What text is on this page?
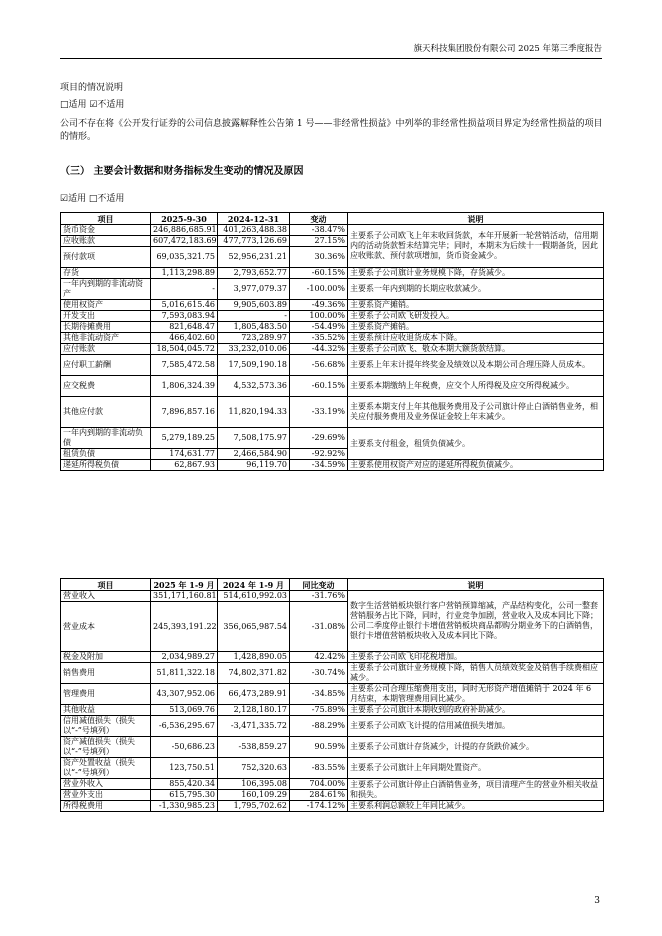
旗天科技集团股份有限公司 2025 年第三季度报告
项目的情况说明
□适用 ☑不适用
公司不存在将《公开发行证券的公司信息披露解释性公告第 1 号——非经常性损益》中列举的非经常性损益项目界定为经常性损益的项目的情形。
（三） 主要会计数据和财务指标发生变动的情况及原因
☑适用 □不适用
项目	2025-9-30	2024-12-31	变动	说明
货币资金	246,886,685.91	401,263,488.38	-38.47%	主要系子公司欧飞上年末收回货款，本年开展新一轮营销活动，信用期内的活动货款暂未结算完毕；同时，本期末为后续十一假期备货，因此应收账款、预付款项增加，货币资金减少。
应收账款	607,472,183.69	477,773,126.69	27.15%	
预付款项	69,035,321.75	52,956,231.21	30.36%	
存货	1,113,298.89	2,793,652.77	-60.15%	主要系子公司旗计业务规模下降，存货减少。
一年内到期的非流动资产	-	3,977,079.37	-100.00%	主要系一年内到期的长期应收款减少。
使用权资产	5,016,615.46	9,905,603.89	-49.36%	主要系资产摊销。
开发支出	7,593,083.94	-	100.00%	主要系子公司欧飞研发投入。
长期待摊费用	821,648.47	1,805,483.50	-54.49%	主要系资产摊销。
其他非流动资产	466,402.60	723,289.97	-35.52%	主要系预计应收退货成本下降。
应付账款	18,504,045.72	33,232,010.06	-44.32%	主要系子公司欧飞、敬众本期大额货款结算。
应付职工薪酬	7,585,472.58	17,509,190.18	-56.68%	主要系上年末计提年终奖金及绩效以及本期公司合理压降人员成本。
应交税费	1,806,324.39	4,532,573.36	-60.15%	主要系本期缴纳上年税费，应交个人所得税及应交所得税减少。
其他应付款	7,896,857.16	11,820,194.33	-33.19%	主要系本期支付上年其他服务费用及子公司旗计停止白酒销售业务，相关应付服务费用及业务保证金较上年末减少。
一年内到期的非流动负债	5,279,189.25	7,508,175.97	-29.69%	主要系支付租金，租赁负债减少。
租赁负债	174,631.77	2,466,584.90	-92.92%	
递延所得税负债	62,867.93	96,119.70	-34.59%	主要系使用权资产对应的递延所得税负债减少。
项目	2025 年 1-9 月	2024 年 1-9 月	同比变动	说明
营业收入	351,171,160.81	514,610,992.03	-31.76%	数字生活营销板块银行客户营销预算缩减，产品结构变化，公司一整套营销服务占比下降，同时，行业竞争加剧，营业收入及成本同比下降；公司二季度停止银行卡增值营销板块商品都购分期业务下的白酒销售，银行卡增值营销板块收入及成本同比下降。
营业成本	245,393,191.22	356,065,987.54	-31.08%	
税金及附加	2,034,989.27	1,428,890.05	42.42%	主要系子公司欧飞印花税增加。
销售费用	51,811,322.18	74,802,371.82	-30.74%	主要系子公司旗计业务规模下降，销售人员绩效奖金及销售手续费相应减少。
管理费用	43,307,952.06	66,473,289.91	-34.85%	主要系公司合理压缩费用支出，同时无形资产增值摊销于 2024 年 6 月结束，本期管理费用同比减少。
其他收益	513,069.76	2,128,180.17	-75.89%	主要系子公司旗计本期收到的政府补助减少。
信用减值损失（损失以“-”号填列）	-6,536,295.67	-3,471,335.72	-88.29%	主要系子公司欧飞计提的信用减值损失增加。
资产减值损失（损失以“-”号填列）	-50,686.23	-538,859.27	90.59%	主要系子公司旗计存货减少，计提的存货跌价减少。
资产处置收益（损失以“-”号填列）	123,750.51	752,320.63	-83.55%	主要系子公司旗计上年同期处置资产。
营业外收入	855,420.34	106,395.08	704.00%	主要系子公司旗计停止白酒销售业务，项目清理产生的营业外相关收益和损失。
营业外支出	615,795.30	160,109.29	284.61%	
所得税费用	-1,330,985.23	1,795,702.62	-174.12%	主要系利润总额较上年同比减少。
3
